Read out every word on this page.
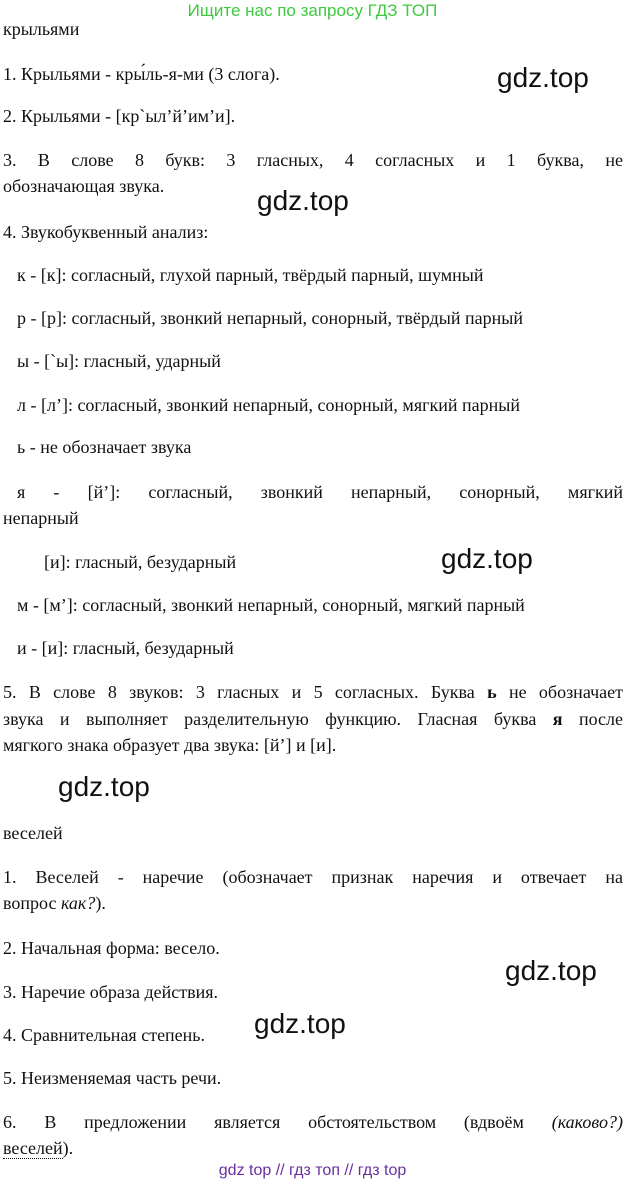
Ищите нас по запросу ГДЗ ТОП
крыльями
1. Крыльями - кры́ль-я-ми (3 слога).
2. Крыльями - [кр`ыл’й’им’и].
3. В слове 8 букв: 3 гласных, 4 согласных и 1 буква, не
обозначающая звука.
4. Звукобуквенный анализ:
к - [к]: согласный, глухой парный, твёрдый парный, шумный
р - [р]: согласный, звонкий непарный, сонорный, твёрдый парный
ы - [`ы]: гласный, ударный
л - [л’]: согласный, звонкий непарный, сонорный, мягкий парный
ь - не обозначает звука
я - [й’]: согласный, звонкий непарный, сонорный, мягкий
непарный
[и]: гласный, безударный
м - [м’]: согласный, звонкий непарный, сонорный, мягкий парный
и - [и]: гласный, безударный
5. В слове 8 звуков: 3 гласных и 5 согласных. Буква ь не обозначает
звука и выполняет разделительную функцию. Гласная буква я после
мягкого знака образует два звука: [й’] и [и].
веселей
1. Веселей - наречие (обозначает признак наречия и отвечает на
вопрос как?).
2. Начальная форма: весело.
3. Наречие образа действия.
4. Сравнительная степень.
5. Неизменяемая часть речи.
6. В предложении является обстоятельством (вдвоём (каково?)
веселей).
gdz.top
gdz.top
gdz.top
gdz.top
gdz.top
gdz.top
gdz top // гдз топ // гдз top
